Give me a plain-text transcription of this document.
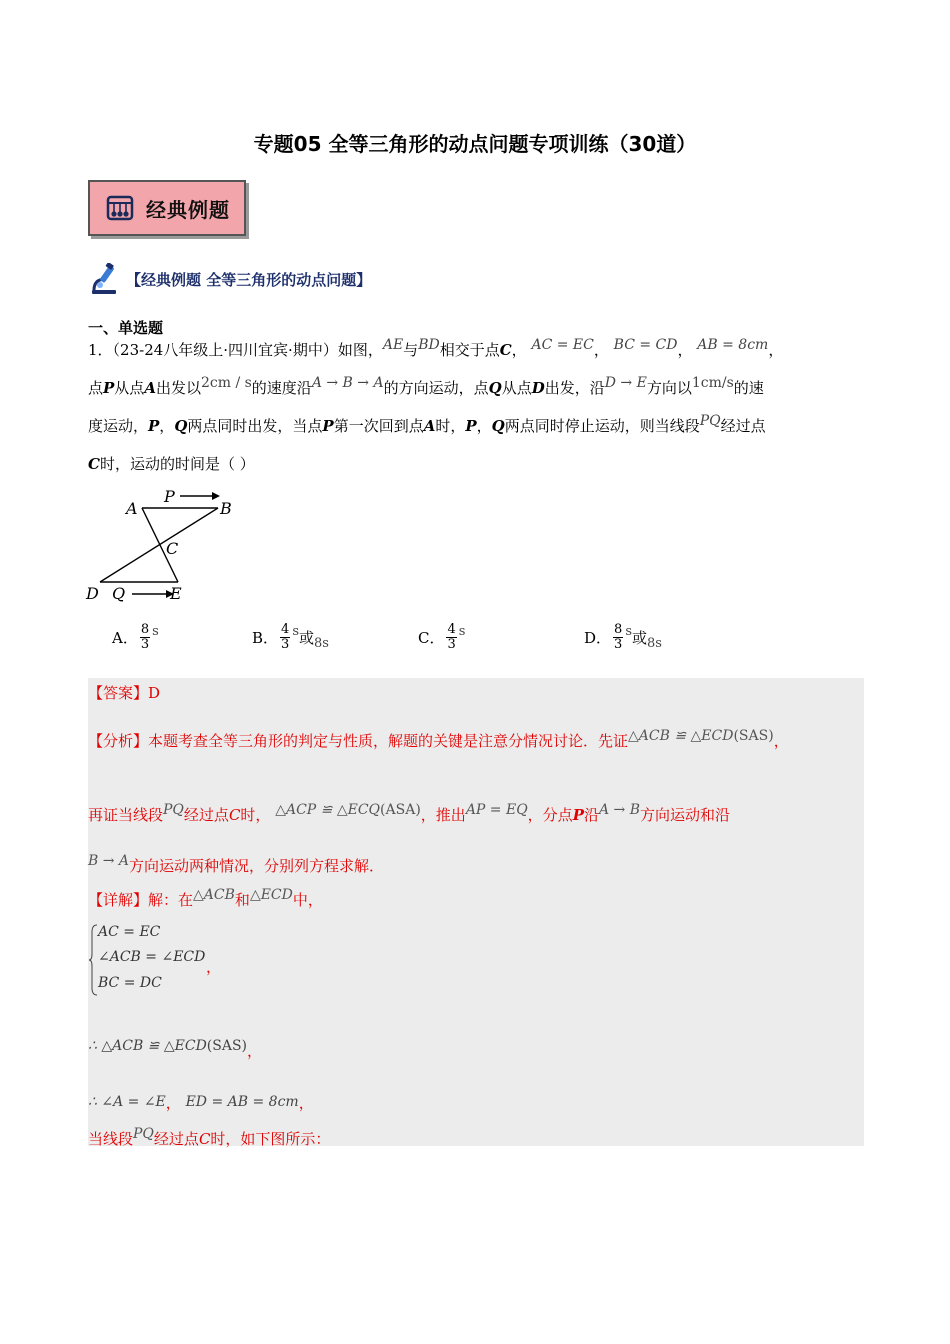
专题05 全等三角形的动点问题专项训练（30道）
经典例题
【经典例题 全等三角形的动点问题】
一、单选题
1．（23-24八年级上·四川宜宾·期中）如图，AE与BD相交于点C， AC = EC， BC = CD， AB = 8cm，
点P从点A出发以2cm / s的速度沿A → B → A的方向运动，点Q从点D出发，沿D → E方向以1cm/s的速
度运动，P，Q两点同时出发，当点P第一次回到点A时，P，Q两点同时停止运动，则当线段PQ经过点
C时，运动的时间是（ ）
A
P
B
C
D Q	E
A． $\frac{8}{3}$ s	B． $\frac{4}{3}$ s 或 8s	C． $\frac{4}{3}$ s	D． $\frac{8}{3}$ s 或 8s
【答案】D
【分析】本题考查全等三角形的判定与性质，解题的关键是注意分情况讨论．先证△ACB ≌ △ECD(SAS)，
再证当线段PQ经过点C时， △ACP ≌ △ECQ(ASA)，推出AP = EQ，分点P沿A → B方向运动和沿
B → A方向运动两种情况，分别列方程求解．
【详解】解：在△ACB和△ECD中，
AC = EC
∠ACB = ∠ECD
BC = DC
，
∴ △ACB ≌ △ECD(SAS)，
∴ ∠A = ∠E， ED = AB = 8cm，
当线段PQ经过点C时，如下图所示：
